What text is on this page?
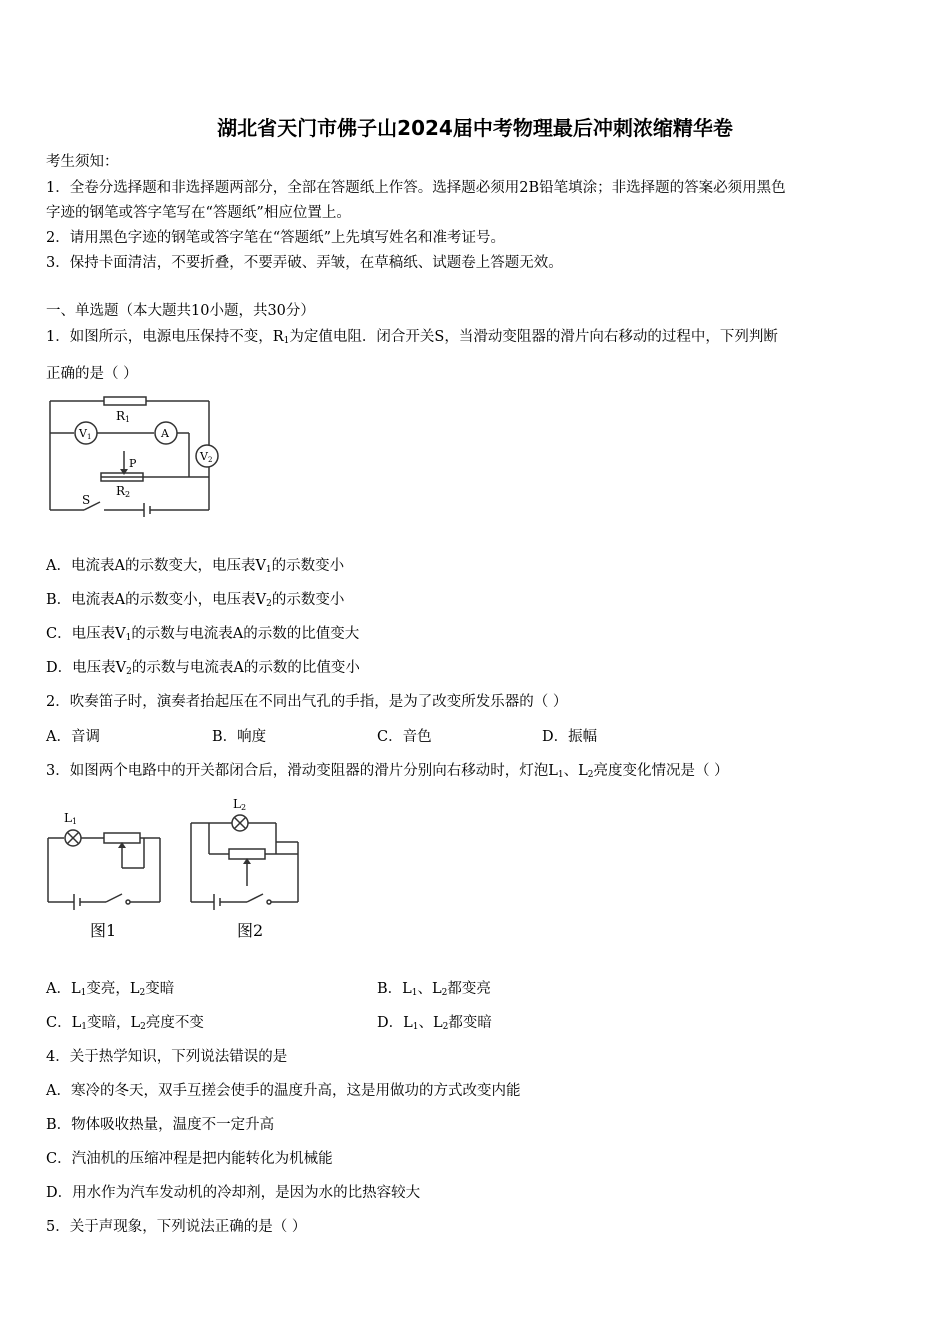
湖北省天门市佛子山2024届中考物理最后冲刺浓缩精华卷
考生须知：
1．全卷分选择题和非选择题两部分，全部在答题纸上作答。选择题必须用2B铅笔填涂；非选择题的答案必须用黑色
字迹的钢笔或答字笔写在“答题纸”相应位置上。
2．请用黑色字迹的钢笔或答字笔在“答题纸”上先填写姓名和准考证号。
3．保持卡面清洁，不要折叠，不要弄破、弄皱，在草稿纸、试题卷上答题无效。
一、单选题（本大题共10小题，共30分）
1．如图所示，电源电压保持不变，$R_1$为定值电阻．闭合开关S，当滑动变阻器的滑片向右移动的过程中，下列判断
正确的是（ ）
R1
V1	A
V2
P
R2
S
A．电流表A的示数变大，电压表$V_1$的示数变小
B．电流表A的示数变小，电压表$V_2$的示数变小
C．电压表$V_1$的示数与电流表A的示数的比值变大
D．电压表$V_2$的示数与电流表A的示数的比值变小
2．吹奏笛子时，演奏者抬起压在不同出气孔的手指，是为了改变所发乐器的（ ）
A．音调	B．响度	C．音色	D．振幅
3．如图两个电路中的开关都闭合后，滑动变阻器的滑片分别向右移动时，灯泡$L_1$、$L_2$亮度变化情况是（ ）
L1
L2
图1	图2
A．$L_1$变亮，$L_2$变暗	B．$L_1$、$L_2$都变亮
C．$L_1$变暗，$L_2$亮度不变	D．$L_1$、$L_2$都变暗
4．关于热学知识，下列说法错误的是
A．寒冷的冬天，双手互搓会使手的温度升高，这是用做功的方式改变内能
B．物体吸收热量，温度不一定升高
C．汽油机的压缩冲程是把内能转化为机械能
D．用水作为汽车发动机的冷却剂，是因为水的比热容较大
5．关于声现象，下列说法正确的是（ ）
